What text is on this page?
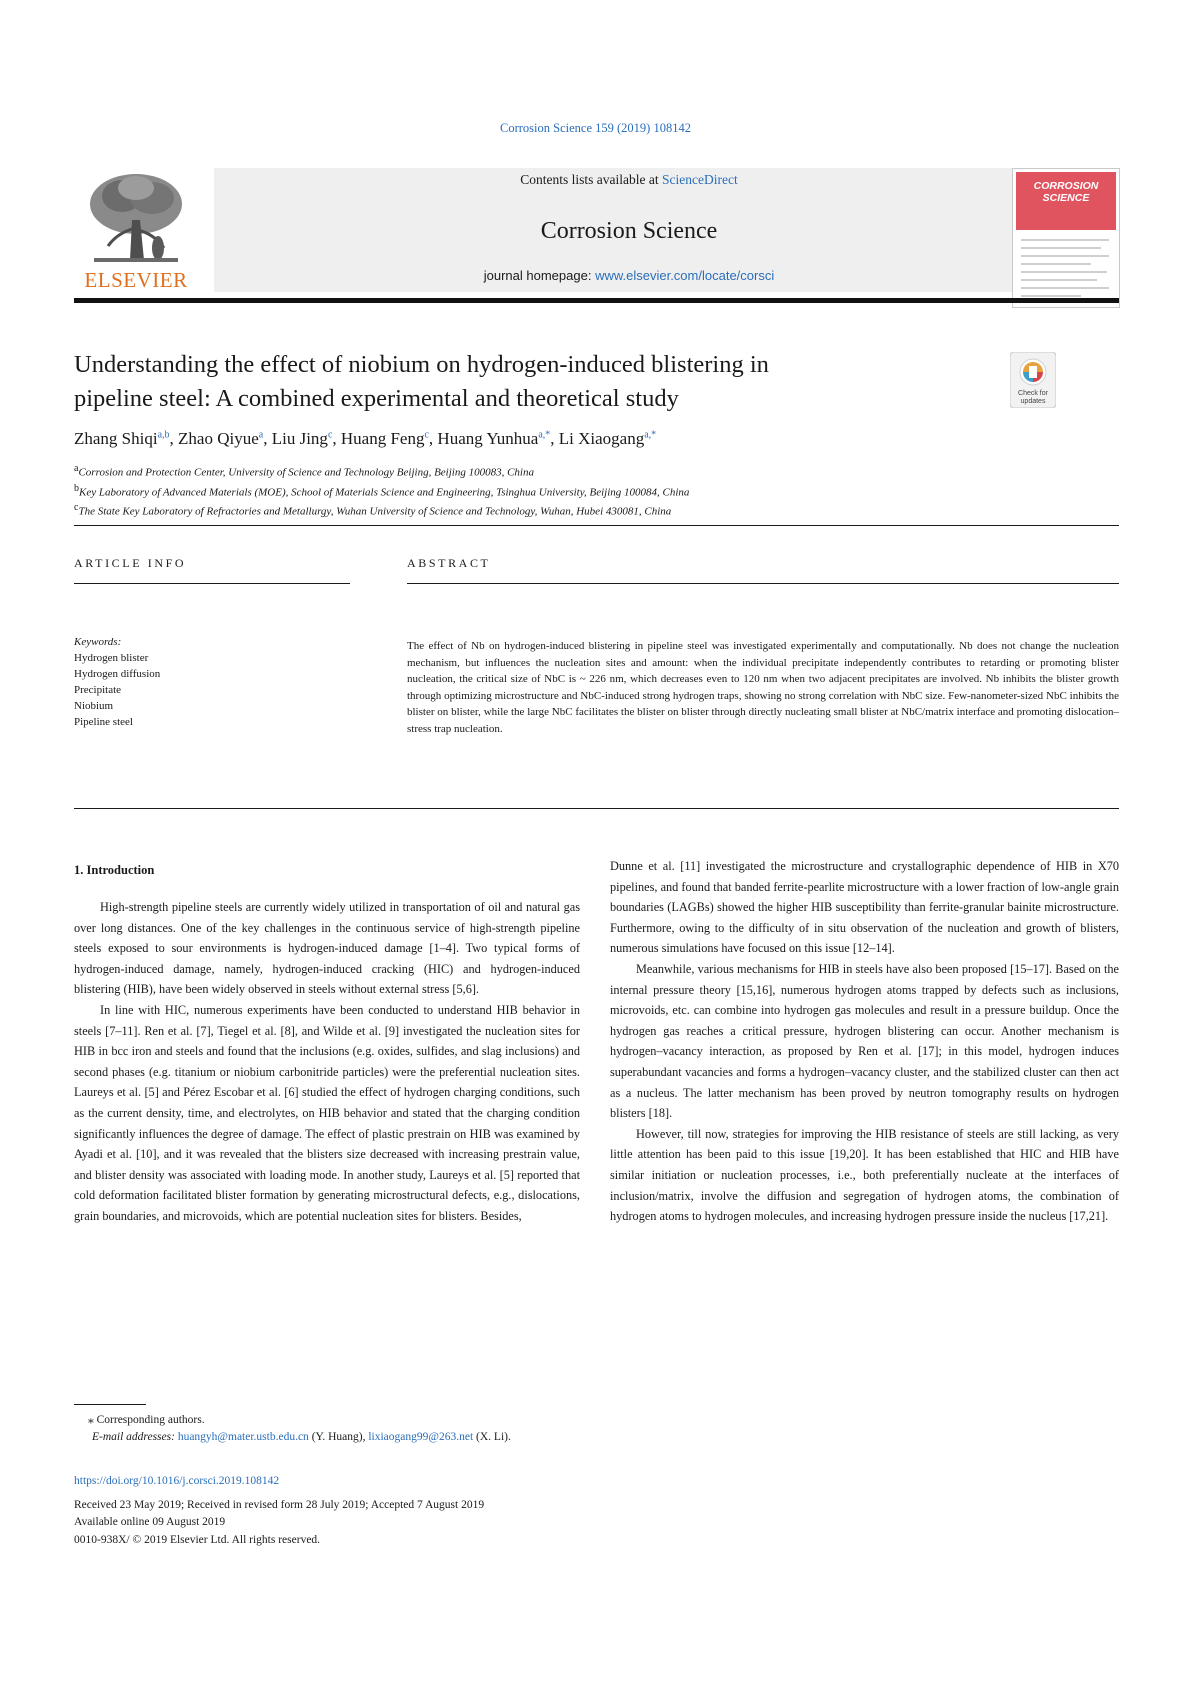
Corrosion Science 159 (2019) 108142
ELSEVIER
Contents lists available at ScienceDirect
Corrosion Science
journal homepage: www.elsevier.com/locate/corsci
CORROSION
SCIENCE
Understanding the effect of niobium on hydrogen-induced blistering in
pipeline steel: A combined experimental and theoretical study	Check for
updates
Zhang Shiqi$^{a,b}$, Zhao Qiyue$^a$, Liu Jing$^c$, Huang Feng$^c$, Huang Yunhua$^{a,*}$, Li Xiaogang$^{a,*}$
$^a$Corrosion and Protection Center, University of Science and Technology Beijing, Beijing 100083, China
$^b$Key Laboratory of Advanced Materials (MOE), School of Materials Science and Engineering, Tsinghua University, Beijing 100084, China
$^c$The State Key Laboratory of Refractories and Metallurgy, Wuhan University of Science and Technology, Wuhan, Hubei 430081, China
ARTICLE INFO
Keywords:
Hydrogen blister
Hydrogen diffusion
Precipitate
Niobium
Pipeline steel
ABSTRACT
The effect of Nb on hydrogen-induced blistering in pipeline steel was investigated experimentally and computationally. Nb does not change the nucleation mechanism, but influences the nucleation sites and amount: when the individual precipitate independently contributes to retarding or promoting blister nucleation, the critical size of NbC is ~ 226 nm, which decreases even to 120 nm when two adjacent precipitates are involved. Nb inhibits the blister growth through optimizing microstructure and NbC-induced strong hydrogen traps, showing no strong correlation with NbC size. Few-nanometer-sized NbC inhibits the blister on blister, while the large NbC facilitates the blister on blister through directly nucleating small blister at NbC/matrix interface and promoting dislocation–stress trap nucleation.
1. Introduction

High-strength pipeline steels are currently widely utilized in transportation of oil and natural gas over long distances. One of the key challenges in the continuous service of high-strength pipeline steels exposed to sour environments is hydrogen-induced damage [1–4]. Two typical forms of hydrogen-induced damage, namely, hydrogen-induced cracking (HIC) and hydrogen-induced blistering (HIB), have been widely observed in steels without external stress [5,6].

In line with HIC, numerous experiments have been conducted to understand HIB behavior in steels [7–11]. Ren et al. [7], Tiegel et al. [8], and Wilde et al. [9] investigated the nucleation sites for HIB in bcc iron and steels and found that the inclusions (e.g. oxides, sulfides, and slag inclusions) and second phases (e.g. titanium or niobium carbonitride particles) were the preferential nucleation sites. Laureys et al. [5] and Pérez Escobar et al. [6] studied the effect of hydrogen charging conditions, such as the current density, time, and electrolytes, on HIB behavior and stated that the charging condition significantly influences the degree of damage. The effect of plastic prestrain on HIB was examined by Ayadi et al. [10], and it was revealed that the blisters size decreased with increasing prestrain value, and blister density was associated with loading mode. In another study, Laureys et al. [5] reported that cold deformation facilitated blister formation by generating microstructural defects, e.g., dislocations, grain boundaries, and microvoids, which are potential nucleation sites for blisters. Besides,

Dunne et al. [11] investigated the microstructure and crystallographic dependence of HIB in X70 pipelines, and found that banded ferrite-pearlite microstructure with a lower fraction of low-angle grain boundaries (LAGBs) showed the higher HIB susceptibility than ferrite-granular bainite microstructure. Furthermore, owing to the difficulty of in situ observation of the nucleation and growth of blisters, numerous simulations have focused on this issue [12–14].

Meanwhile, various mechanisms for HIB in steels have also been proposed [15–17]. Based on the internal pressure theory [15,16], numerous hydrogen atoms trapped by defects such as inclusions, microvoids, etc. can combine into hydrogen gas molecules and result in a pressure buildup. Once the hydrogen gas reaches a critical pressure, hydrogen blistering can occur. Another mechanism is hydrogen–vacancy interaction, as proposed by Ren et al. [17]; in this model, hydrogen induces superabundant vacancies and forms a hydrogen–vacancy cluster, and the stabilized cluster can then act as a nucleus. The latter mechanism has been proved by neutron tomography results on hydrogen blisters [18].

However, till now, strategies for improving the HIB resistance of steels are still lacking, as very little attention has been paid to this issue [19,20]. It has been established that HIC and HIB have similar initiation or nucleation processes, i.e., both preferentially nucleate at the interfaces of inclusion/matrix, involve the diffusion and segregation of hydrogen atoms, the combination of hydrogen atoms to hydrogen molecules, and increasing hydrogen pressure inside the nucleus [17,21].

⁎ Corresponding authors.
E-mail addresses: huangyh@mater.ustb.edu.cn (Y. Huang), lixiaogang99@263.net (X. Li).
https://doi.org/10.1016/j.corsci.2019.108142
Received 23 May 2019; Received in revised form 28 July 2019; Accepted 7 August 2019
Available online 09 August 2019
0010-938X/ © 2019 Elsevier Ltd. All rights reserved.
